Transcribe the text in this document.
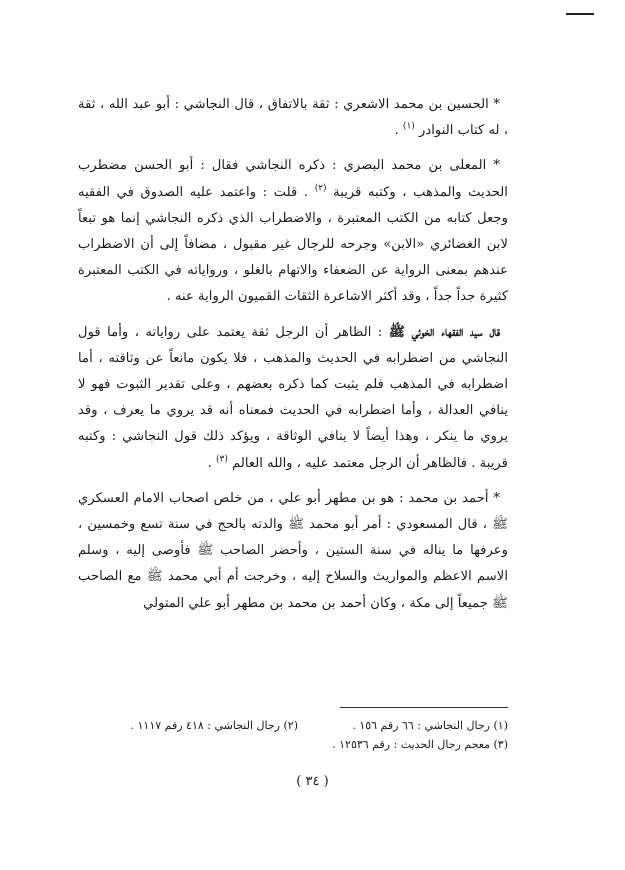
* الحسين بن محمد الاشعري : ثقة بالاتفاق ، قال النجاشي : أبو عبد الله ، ثقة ، له كتاب النوادر $^{(١)}$ .

* المعلى بن محمد البصري : ذكره النجاشي فقال : أبو الحسن مضطرب الحديث والمذهب ، وكتبه قريبة $^{(٢)}$ . قلت : واعتمد عليه الصدوق في الفقيه وجعل كتابه من الكتب المعتبرة ، والاضطراب الذي ذكره النجاشي إنما هو تبعاً لابن الغضائري «الابن» وجرحه للرجال غير مقبول ، مضافاً إلى أن الاضطراب عندهم بمعنى الرواية عن الضعفاء والاتهام بالغلو ، ورواياته في الكتب المعتبرة كثيرة جداً جداً ، وقد أكثر الاشاعرة الثقات القميون الرواية عنه .

قال سيد الفقهاء الخوئي ﷺ : الظاهر أن الرجل ثقة يعتمد على رواياته ، وأما قول النجاشي من اضطرابه في الحديث والمذهب ، فلا يكون مانعاً عن وثاقته ، أما اضطرابه في المذهب فلم يثبت كما ذكره بعضهم ، وعلى تقدير الثبوت فهو لا ينافي العدالة ، وأما اضطرابه في الحديث فمعناه أنه قد يروي ما يعرف ، وقد يروي ما ينكر ، وهذا أيضاً لا ينافي الوثاقة ، ويؤكد ذلك قول النجاشي : وكتبه قريبة . فالظاهر أن الرجل معتمد عليه ، والله العالم $^{(٣)}$ .

* أحمد بن محمد : هو بن مطهر أبو علي ، من خلص اصحاب الامام العسكري ﷺ ، قال المسعودي : أمر أبو محمد ﷺ والدته بالحج في سنة تسع وخمسين ، وعرفها ما يناله في سنة الستين ، وأحضر الصاحب ﷺ فأوصى إليه ، وسلم الاسم الاعظم والمواريث والسلاح إليه ، وخرجت أم أبي محمد ﷺ مع الصاحب ﷺ جميعاً إلى مكة ، وكان أحمد بن محمد بن مطهر أبو علي المتولي

(١) رجال النجاشي : ٦٦ رقم ١٥٦ .
(٢) رجال النجاشي : ٤١٨ رقم ١١١٧ .
(٣) معجم رجال الحديث : رقم ١٢٥٣٦ .
( ٣٤ )
